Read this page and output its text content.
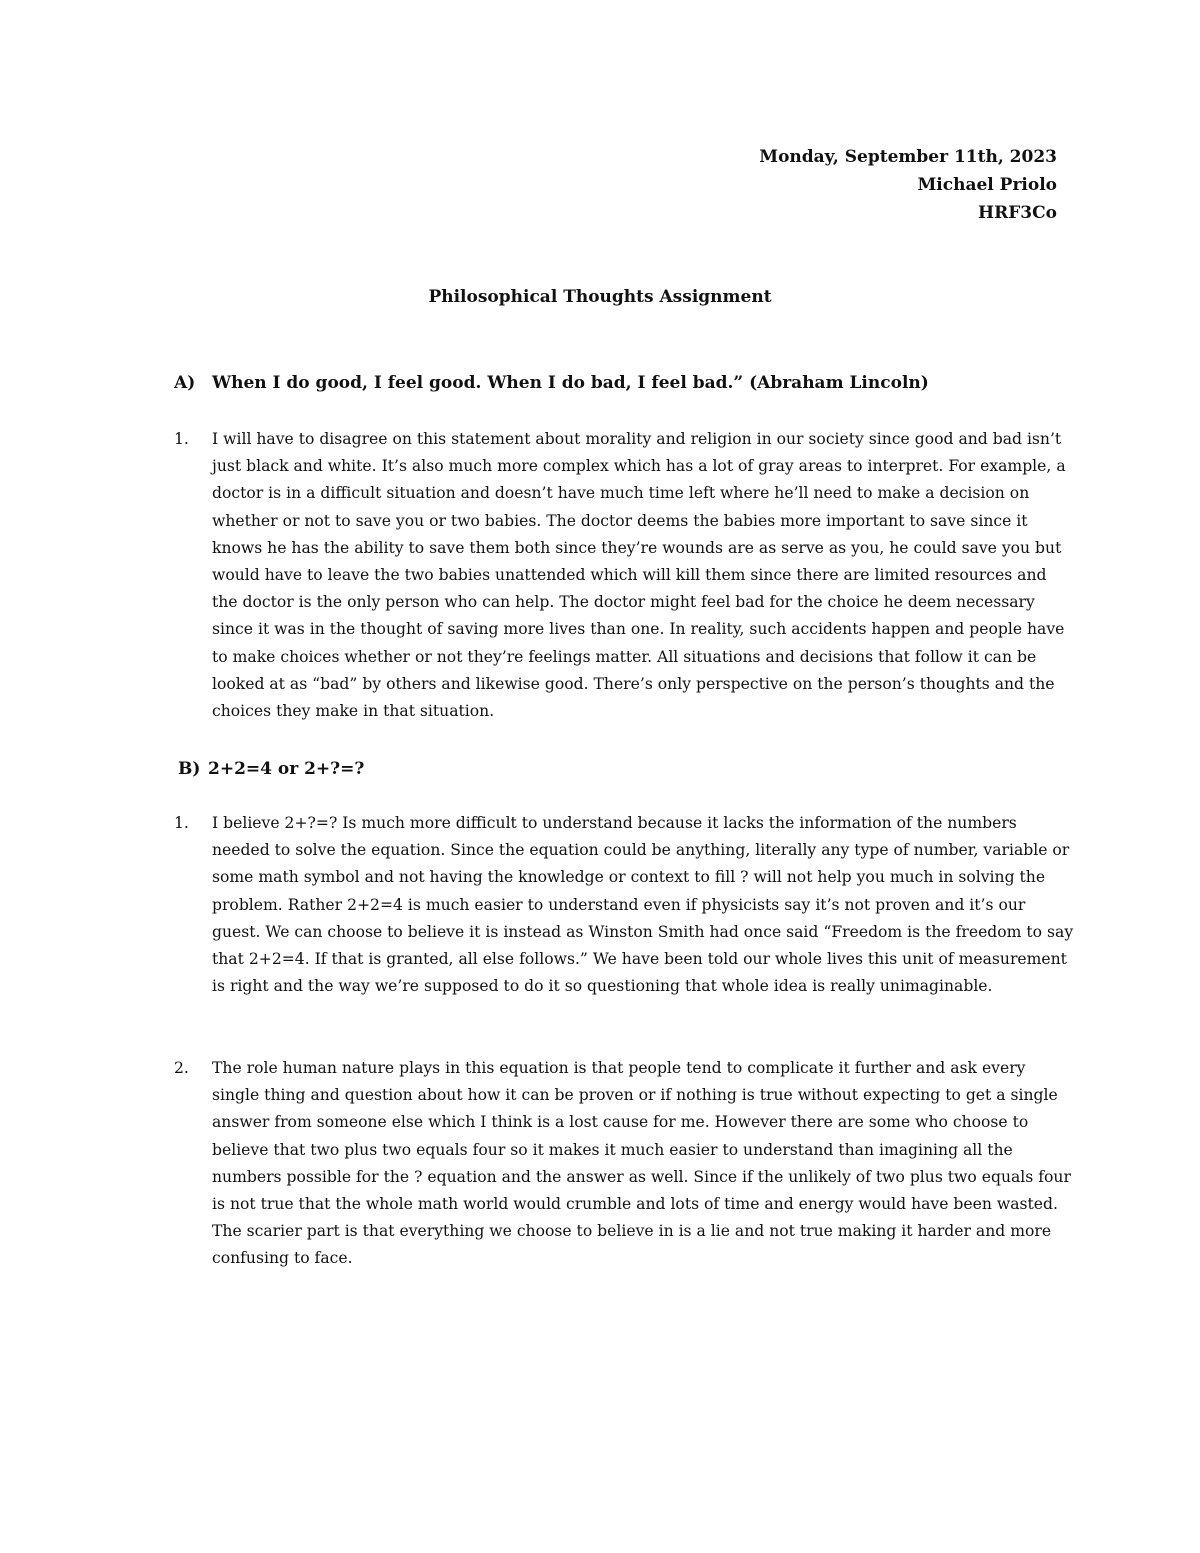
Monday, September 11th, 2023
Michael Priolo
HRF3Co
Philosophical Thoughts Assignment
A) When I do good, I feel good. When I do bad, I feel bad.” (Abraham Lincoln)
1.	I will have to disagree on this statement about morality and religion in our society since good and bad isn’t just black and white. It’s also much more complex which has a lot of gray areas to interpret. For example, a doctor is in a difficult situation and doesn’t have much time left where he’ll need to make a decision on whether or not to save you or two babies. The doctor deems the babies more important to save since it knows he has the ability to save them both since they’re wounds are as serve as you, he could save you but would have to leave the two babies unattended which will kill them since there are limited resources and the doctor is the only person who can help. The doctor might feel bad for the choice he deem necessary since it was in the thought of saving more lives than one. In reality, such accidents happen and people have to make choices whether or not they’re feelings matter. All situations and decisions that follow it can be looked at as “bad” by others and likewise good. There’s only perspective on the person’s thoughts and the choices they make in that situation.
B) 2+2=4 or 2+?=?
1.	I believe 2+?=? Is much more difficult to understand because it lacks the information of the numbers needed to solve the equation. Since the equation could be anything, literally any type of number, variable or some math symbol and not having the knowledge or context to fill ? will not help you much in solving the problem. Rather 2+2=4 is much easier to understand even if physicists say it’s not proven and it’s our guest. We can choose to believe it is instead as Winston Smith had once said “Freedom is the freedom to say that 2+2=4. If that is granted, all else follows.” We have been told our whole lives this unit of measurement is right and the way we’re supposed to do it so questioning that whole idea is really unimaginable.
2.	The role human nature plays in this equation is that people tend to complicate it further and ask every single thing and question about how it can be proven or if nothing is true without expecting to get a single answer from someone else which I think is a lost cause for me. However there are some who choose to believe that two plus two equals four so it makes it much easier to understand than imagining all the numbers possible for the ? equation and the answer as well. Since if the unlikely of two plus two equals four is not true that the whole math world would crumble and lots of time and energy would have been wasted. The scarier part is that everything we choose to believe in is a lie and not true making it harder and more confusing to face.
